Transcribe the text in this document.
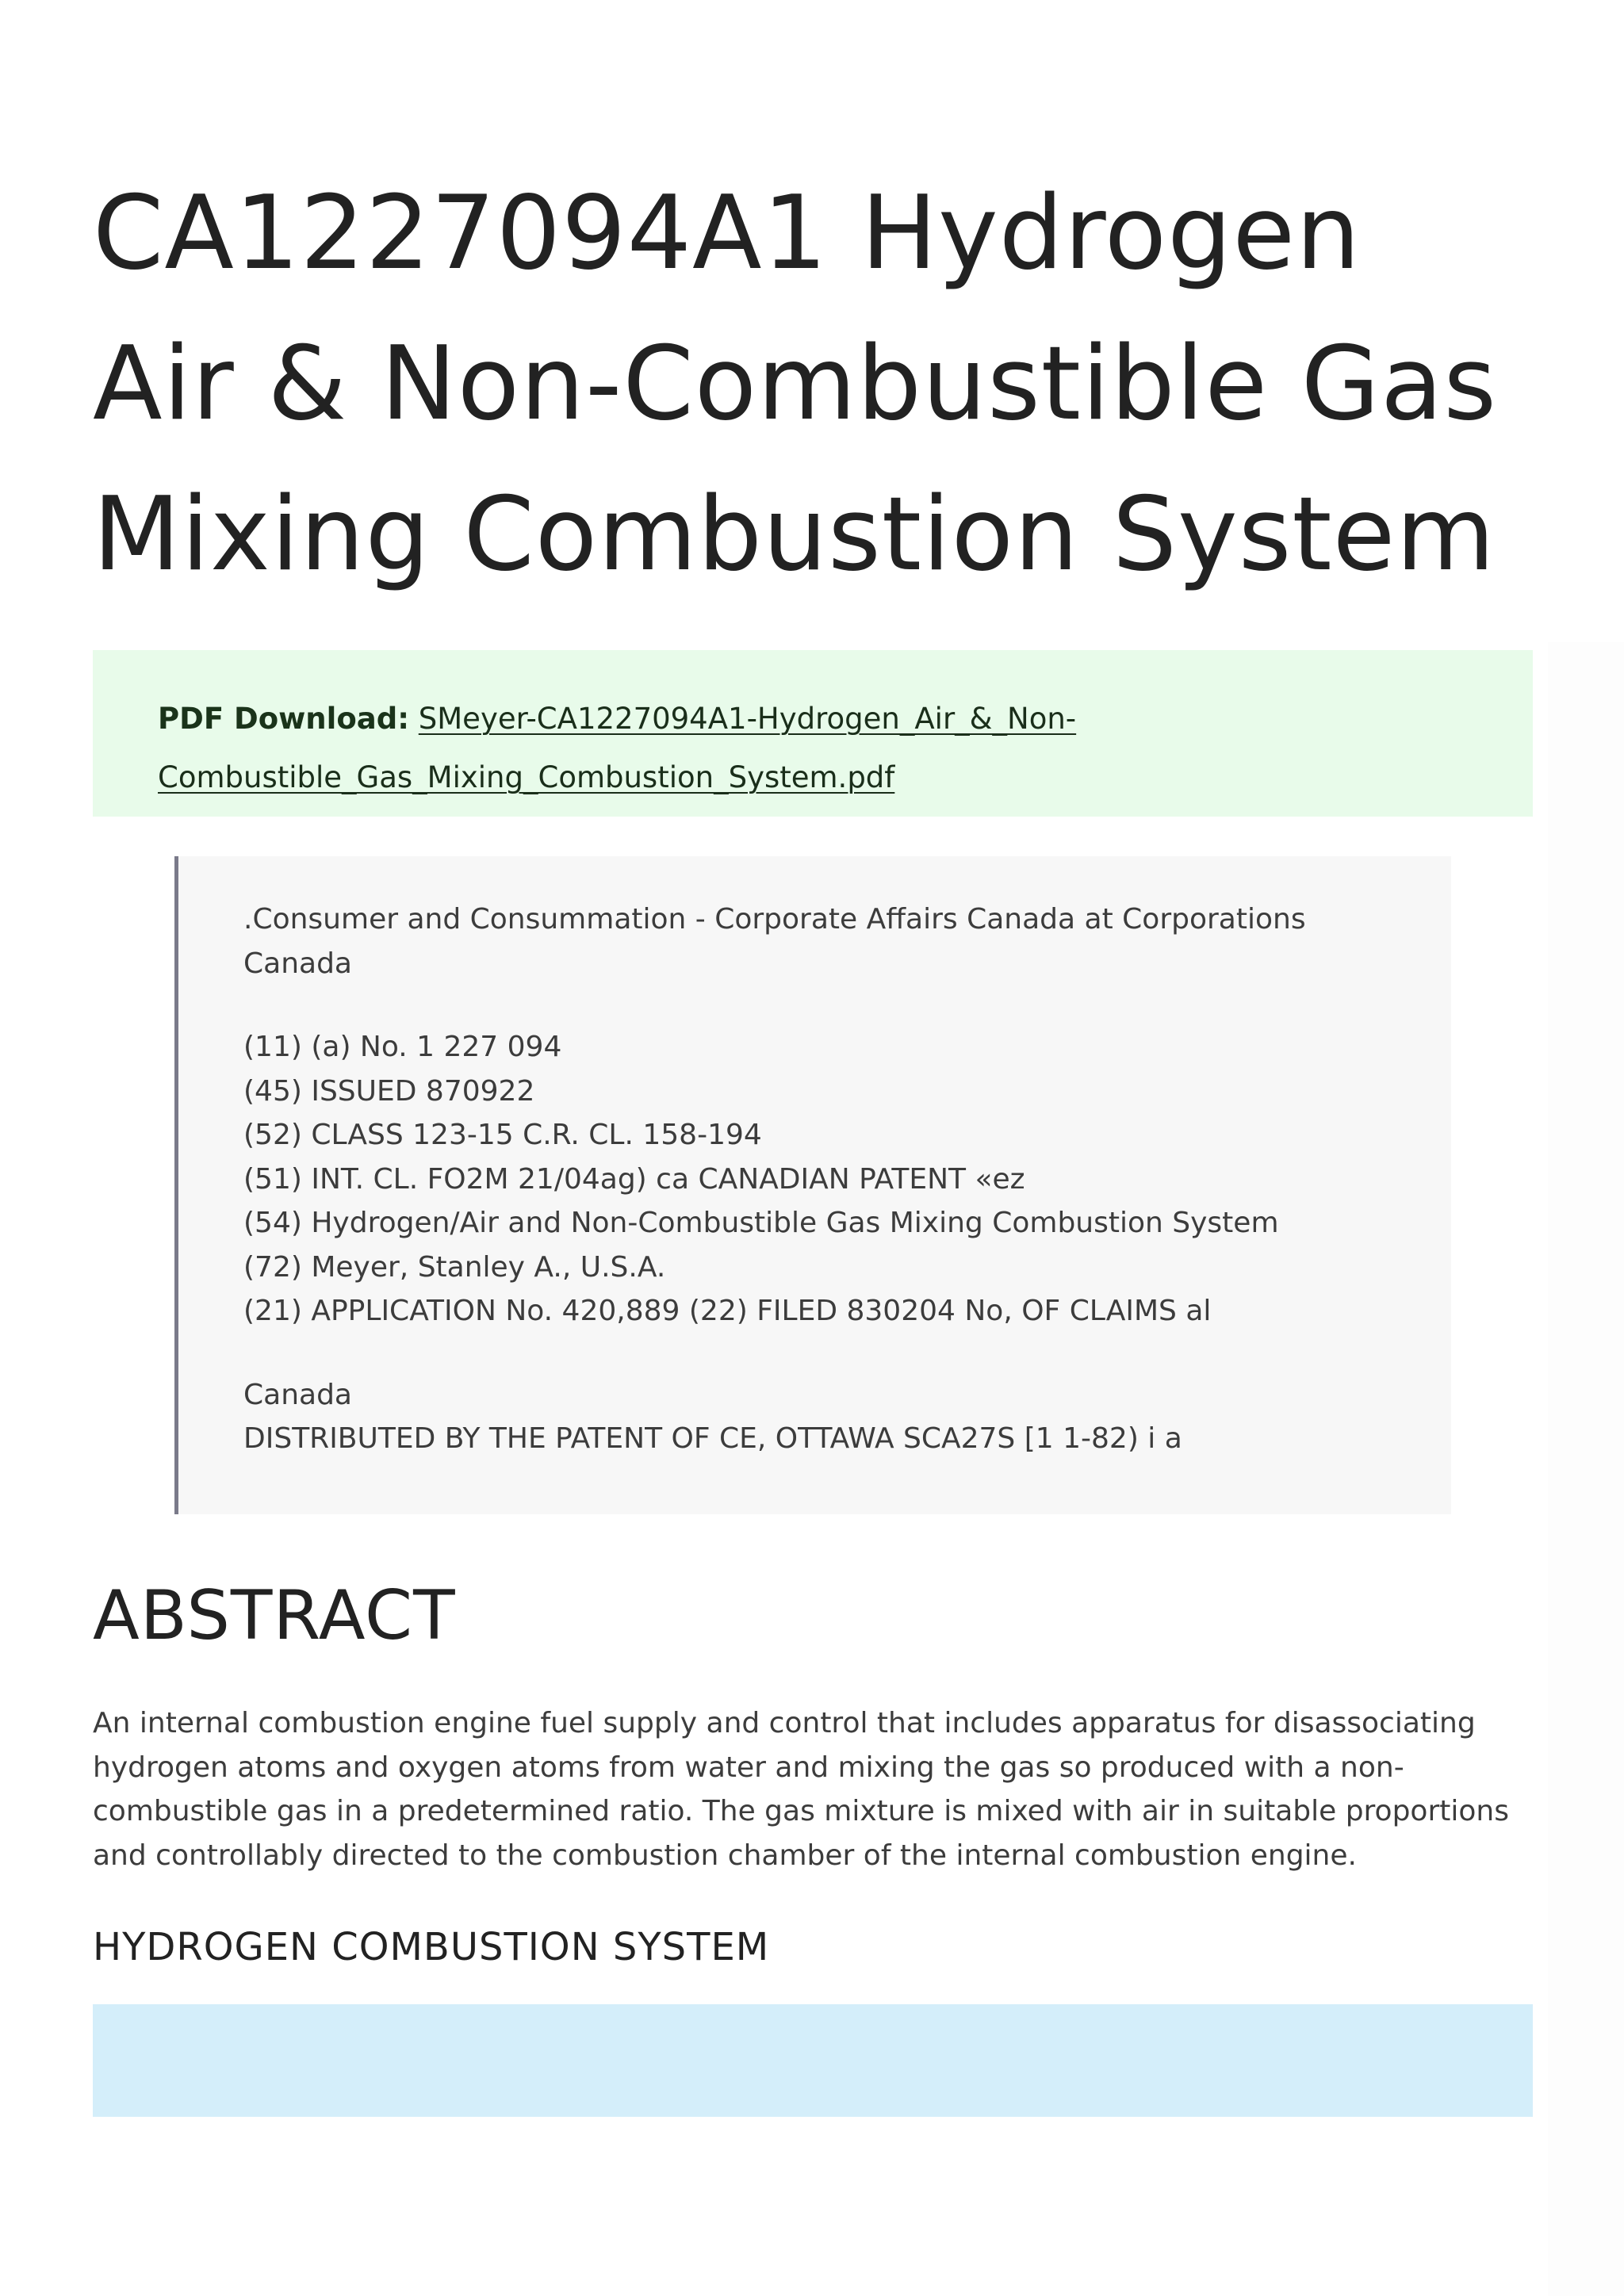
CA1227094A1 Hydrogen Air & Non-Combustible Gas Mixing Combustion System
PDF Download: SMeyer-CA1227094A1-Hydrogen_Air_&_Non-
Combustible_Gas_Mixing_Combustion_System.pdf

.Consumer and Consummation - Corporate Affairs Canada at Corporations Canada

(11) (a) No. 1 227 094

(45) ISSUED 870922

(52) CLASS 123-15 C.R. CL. 158-194

(51) INT. CL. FO2M 21/04ag) ca CANADIAN PATENT «ez

(54) Hydrogen/Air and Non-Combustible Gas Mixing Combustion System

(72) Meyer, Stanley A., U.S.A.

(21) APPLICATION No. 420,889 (22) FILED 830204 No, OF CLAIMS al

Canada

DISTRIBUTED BY THE PATENT OF CE, OTTAWA SCA27S [1 1-82) i a

ABSTRACT

An internal combustion engine fuel supply and control that includes apparatus for disassociating hydrogen atoms and oxygen atoms from water and mixing the gas so produced with a non-combustible gas in a predetermined ratio. The gas mixture is mixed with air in suitable proportions and controllably directed to the combustion chamber of the internal combustion engine.

HYDROGEN COMBUSTION SYSTEM
